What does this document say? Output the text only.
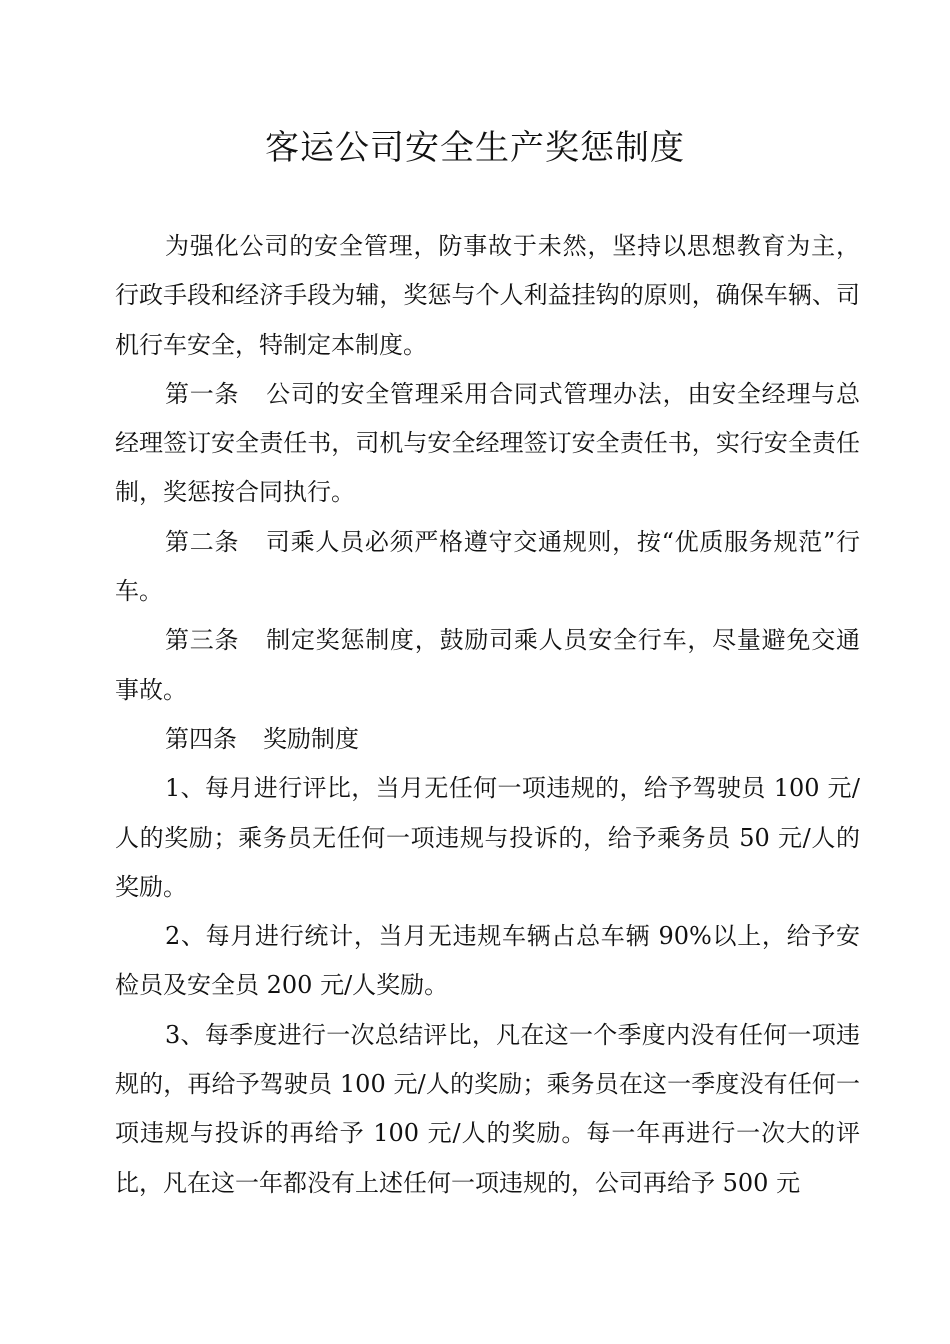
客运公司安全生产奖惩制度

为强化公司的安全管理，防事故于未然，坚持以思想教育为主，行政手段和经济手段为辅，奖惩与个人利益挂钩的原则，确保车辆、司机行车安全，特制定本制度。

第一条 公司的安全管理采用合同式管理办法，由安全经理与总经理签订安全责任书，司机与安全经理签订安全责任书，实行安全责任制，奖惩按合同执行。

第二条 司乘人员必须严格遵守交通规则，按“优质服务规范”行车。

第三条 制定奖惩制度，鼓励司乘人员安全行车，尽量避免交通事故。

第四条 奖励制度

1、每月进行评比，当月无任何一项违规的，给予驾驶员 100 元/人的奖励；乘务员无任何一项违规与投诉的，给予乘务员 50 元/人的奖励。

2、每月进行统计，当月无违规车辆占总车辆 90%以上，给予安检员及安全员 200 元/人奖励。

3、每季度进行一次总结评比，凡在这一个季度内没有任何一项违规的，再给予驾驶员 100 元/人的奖励；乘务员在这一季度没有任何一项违规与投诉的再给予 100 元/人的奖励。每一年再进行一次大的评比，凡在这一年都没有上述任何一项违规的，公司再给予 500 元
